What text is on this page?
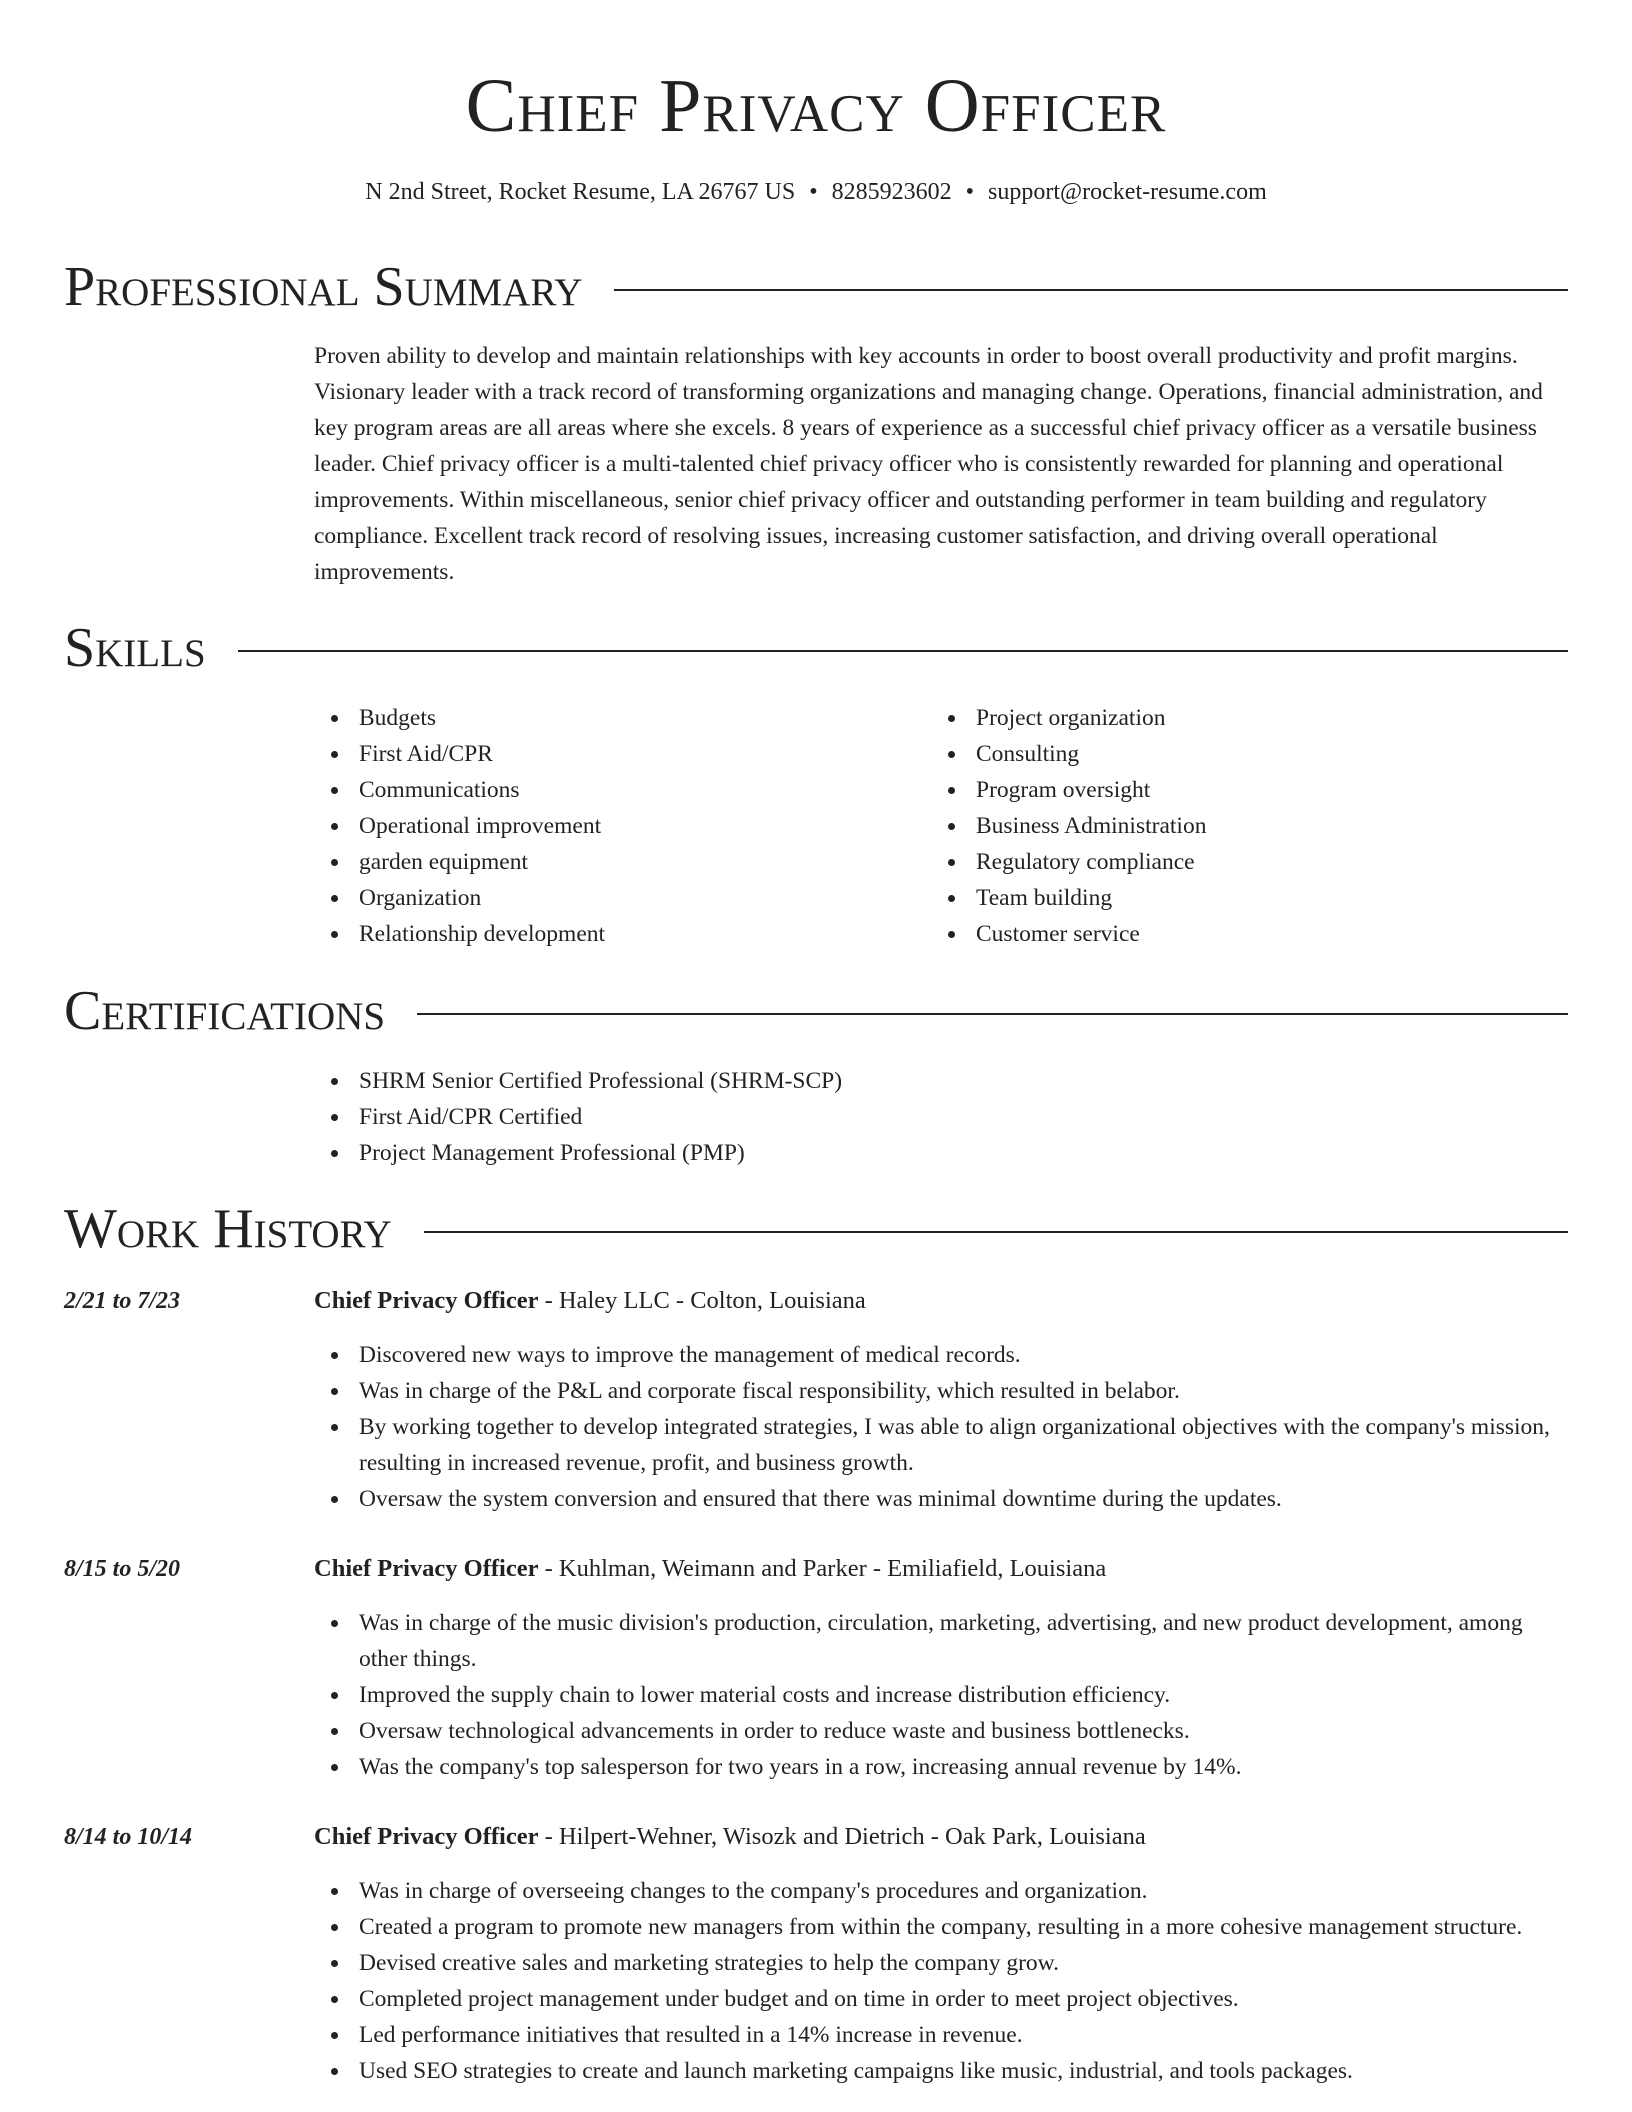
Chief Privacy Officer
N 2nd Street, Rocket Resume, LA 26767 US • 8285923602 • support@rocket-resume.com
Professional Summary

Proven ability to develop and maintain relationships with key accounts in order to boost overall productivity and profit margins. Visionary leader with a track record of transforming organizations and managing change. Operations, financial administration, and key program areas are all areas where she excels. 8 years of experience as a successful chief privacy officer as a versatile business leader. Chief privacy officer is a multi-talented chief privacy officer who is consistently rewarded for planning and operational improvements. Within miscellaneous, senior chief privacy officer and outstanding performer in team building and regulatory compliance. Excellent track record of resolving issues, increasing customer satisfaction, and driving overall operational improvements.

Skills
Budgets
First Aid/CPR
Communications
Operational improvement
garden equipment
Organization
Relationship development
Project organization
Consulting
Program oversight
Business Administration
Regulatory compliance
Team building
Customer service
Certifications
SHRM Senior Certified Professional (SHRM-SCP)
First Aid/CPR Certified
Project Management Professional (PMP)
Work History
2/21 to 7/23	Chief Privacy Officer - Haley LLC - Colton, Louisiana
Discovered new ways to improve the management of medical records.
Was in charge of the P&L and corporate fiscal responsibility, which resulted in belabor.
By working together to develop integrated strategies, I was able to align organizational objectives with the company's mission, resulting in increased revenue, profit, and business growth.
Oversaw the system conversion and ensured that there was minimal downtime during the updates.
8/15 to 5/20	Chief Privacy Officer - Kuhlman, Weimann and Parker - Emiliafield, Louisiana
Was in charge of the music division's production, circulation, marketing, advertising, and new product development, among other things.
Improved the supply chain to lower material costs and increase distribution efficiency.
Oversaw technological advancements in order to reduce waste and business bottlenecks.
Was the company's top salesperson for two years in a row, increasing annual revenue by 14%.
8/14 to 10/14	Chief Privacy Officer - Hilpert-Wehner, Wisozk and Dietrich - Oak Park, Louisiana
Was in charge of overseeing changes to the company's procedures and organization.
Created a program to promote new managers from within the company, resulting in a more cohesive management structure.
Devised creative sales and marketing strategies to help the company grow.
Completed project management under budget and on time in order to meet project objectives.
Led performance initiatives that resulted in a 14% increase in revenue.
Used SEO strategies to create and launch marketing campaigns like music, industrial, and tools packages.
